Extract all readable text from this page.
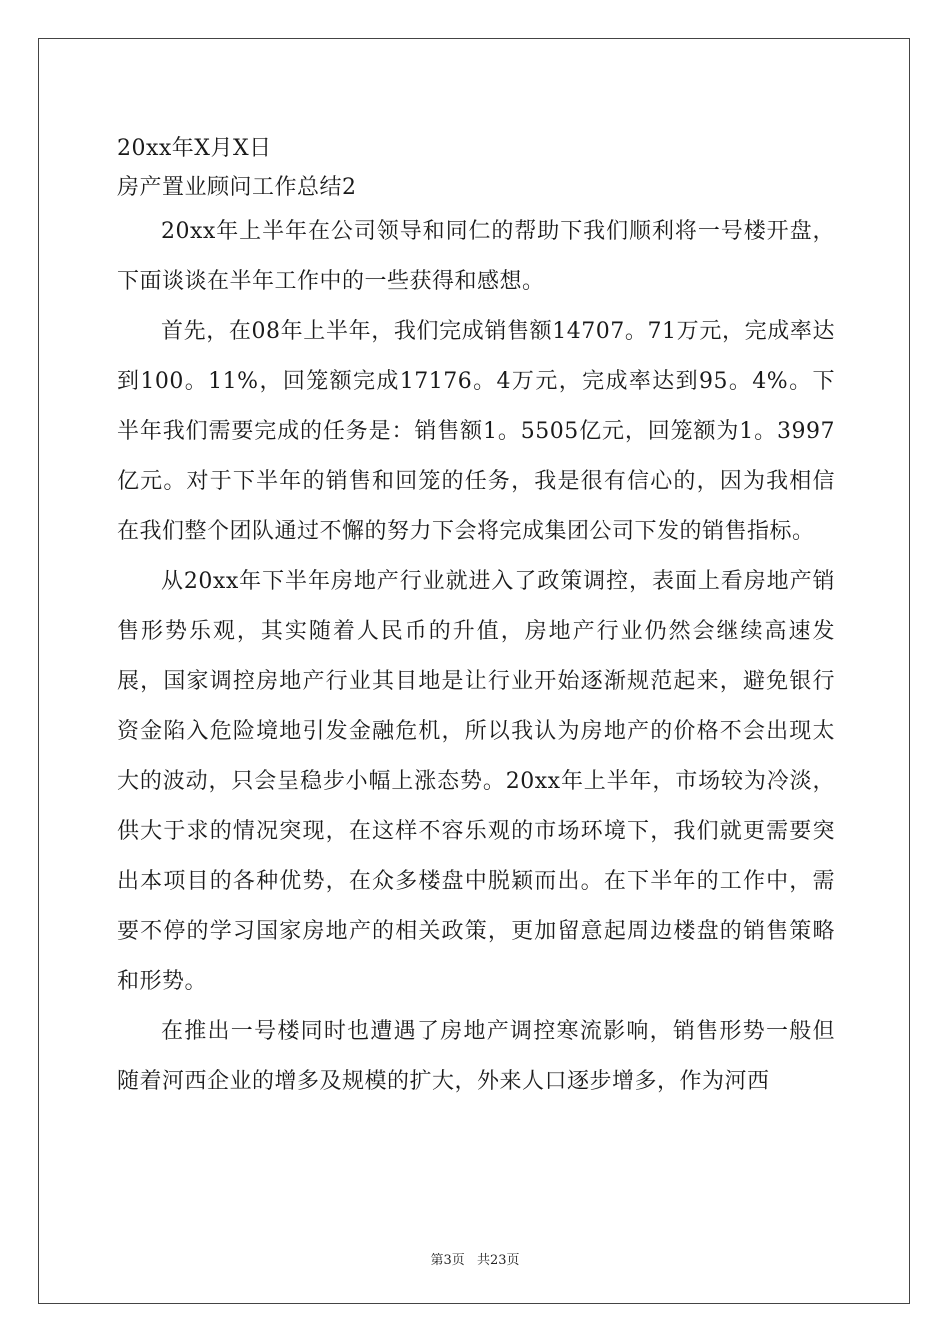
20xx年X月X日
房产置业顾问工作总结2

20xx年上半年在公司领导和同仁的帮助下我们顺利将一号楼开盘，下面谈谈在半年工作中的一些获得和感想。

首先，在08年上半年，我们完成销售额14707。71万元，完成率达到100。11%，回笼额完成17176。4万元，完成率达到95。4%。下半年我们需要完成的任务是：销售额1。5505亿元，回笼额为1。3997亿元。对于下半年的销售和回笼的任务，我是很有信心的，因为我相信在我们整个团队通过不懈的努力下会将完成集团公司下发的销售指标。

从20xx年下半年房地产行业就进入了政策调控，表面上看房地产销售形势乐观，其实随着人民币的升值，房地产行业仍然会继续高速发展，国家调控房地产行业其目地是让行业开始逐渐规范起来，避免银行资金陷入危险境地引发金融危机，所以我认为房地产的价格不会出现太大的波动，只会呈稳步小幅上涨态势。20xx年上半年，市场较为冷淡，供大于求的情况突现，在这样不容乐观的市场环境下，我们就更需要突出本项目的各种优势，在众多楼盘中脱颖而出。在下半年的工作中，需要不停的学习国家房地产的相关政策，更加留意起周边楼盘的销售策略和形势。

在推出一号楼同时也遭遇了房地产调控寒流影响，销售形势一般但随着河西企业的增多及规模的扩大，外来人口逐步增多，作为河西

第3页 共23页
